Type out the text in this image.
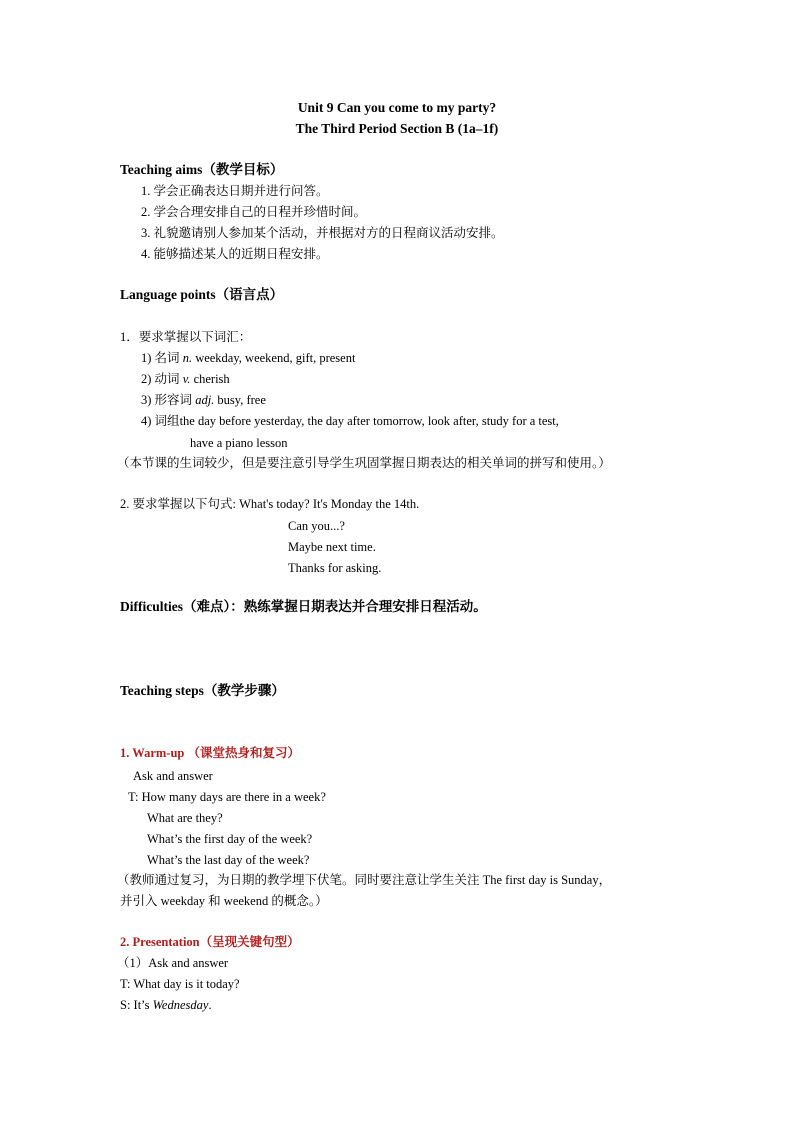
Unit 9 Can you come to my party?
The Third Period Section B (1a–1f)
Teaching aims（教学目标）
1. 学会正确表达日期并进行问答。
2. 学会合理安排自己的日程并珍惜时间。
3. 礼貌邀请别人参加某个活动，并根据对方的日程商议活动安排。
4. 能够描述某人的近期日程安排。
Language points（语言点）
1．要求掌握以下词汇：
1) 名词 n. weekday, weekend, gift, present
2) 动词 v. cherish
3) 形容词 adj. busy, free
4) 词组the day before yesterday, the day after tomorrow, look after, study for a test,
have a piano lesson
（本节课的生词较少，但是要注意引导学生巩固掌握日期表达的相关单词的拼写和使用。）
2. 要求掌握以下句式: What's today? It's Monday the 14th.
Can you...?
Maybe next time.
Thanks for asking.
Difficulties（难点）：熟练掌握日期表达并合理安排日程活动。
Teaching steps（教学步骤）
1. Warm-up （课堂热身和复习）
Ask and answer
T: How many days are there in a week?
What are they?
What’s the first day of the week?
What’s the last day of the week?
（教师通过复习，为日期的教学埋下伏笔。同时要注意让学生关注 The first day is Sunday，
并引入 weekday 和 weekend 的概念。）
2. Presentation（呈现关键句型）
（1）Ask and answer
T: What day is it today?
S: It’s Wednesday.
